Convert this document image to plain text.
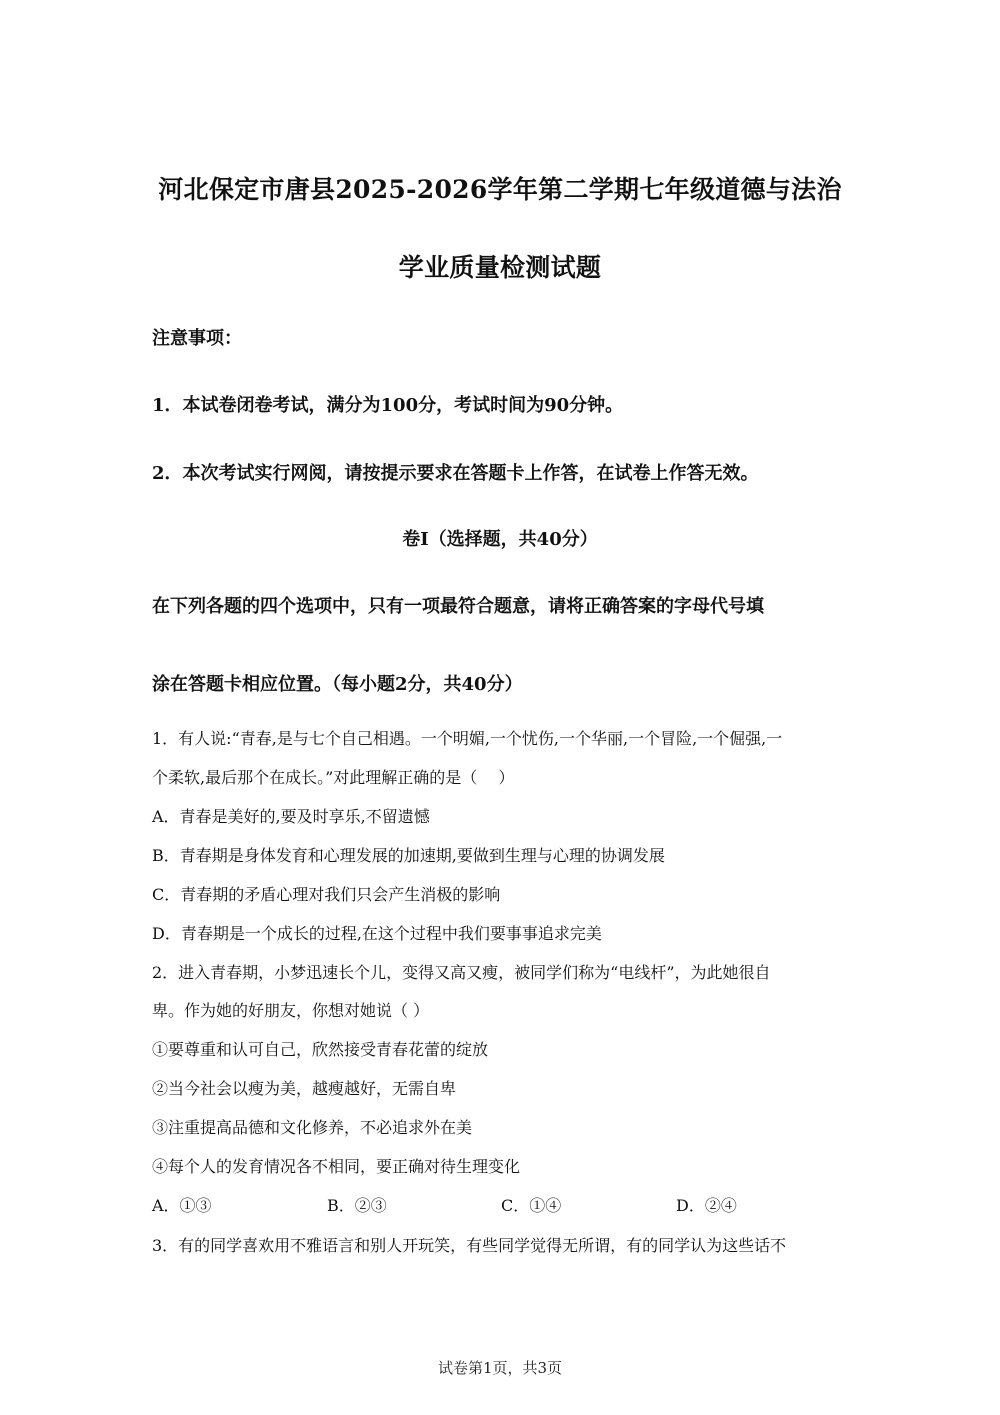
河北保定市唐县2025-2026学年第二学期七年级道德与法治
学业质量检测试题
注意事项：
1．本试卷闭卷考试，满分为100分，考试时间为90分钟。
2．本次考试实行网阅，请按提示要求在答题卡上作答，在试卷上作答无效。
卷Ⅰ（选择题，共40分）
在下列各题的四个选项中，只有一项最符合题意，请将正确答案的字母代号填
涂在答题卡相应位置。（每小题2分，共40分）
1．有人说:“青春,是与七个自己相遇。一个明媚,一个忧伤,一个华丽,一个冒险,一个倔强,一
个柔软,最后那个在成长。”对此理解正确的是（　 ）
A．青春是美好的,要及时享乐,不留遗憾
B．青春期是身体发育和心理发展的加速期,要做到生理与心理的协调发展
C．青春期的矛盾心理对我们只会产生消极的影响
D．青春期是一个成长的过程,在这个过程中我们要事事追求完美
2．进入青春期，小梦迅速长个儿，变得又高又瘦，被同学们称为“电线杆”，为此她很自
卑。作为她的好朋友，你想对她说（ ）
①要尊重和认可自己，欣然接受青春花蕾的绽放
②当今社会以瘦为美，越瘦越好，无需自卑
③注重提高品德和文化修养，不必追求外在美
④每个人的发育情况各不相同，要正确对待生理变化
A．①③	B．②③	C．①④	D．②④
3．有的同学喜欢用不雅语言和别人开玩笑，有些同学觉得无所谓，有的同学认为这些话不
试卷第1页，共3页
